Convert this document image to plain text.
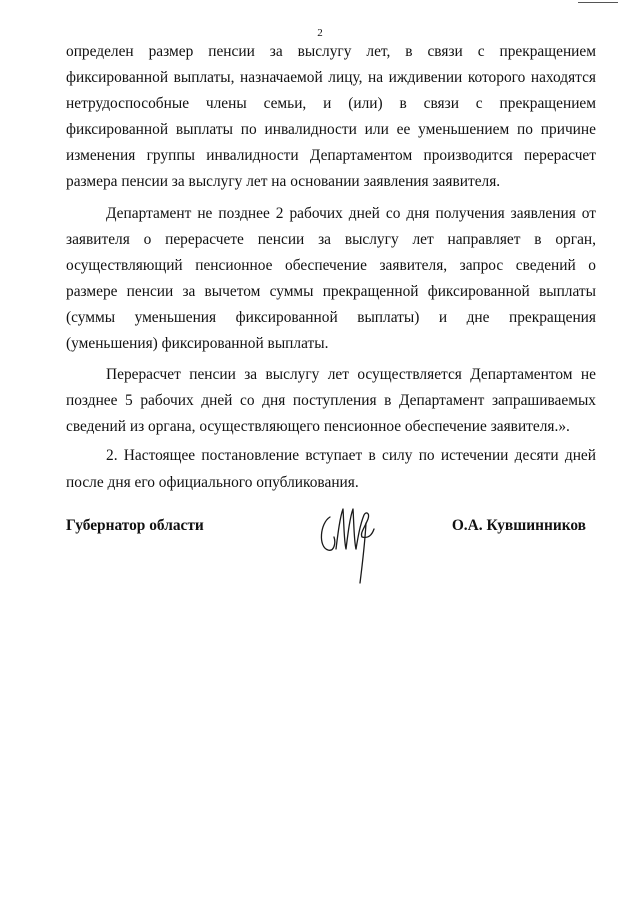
2

определен размер пенсии за выслугу лет, в связи с прекращением фиксированной выплаты, назначаемой лицу, на иждивении которого находятся нетрудоспособные члены семьи, и (или) в связи с прекращением фиксированной выплаты по инвалидности или ее уменьшением по причине изменения группы инвалидности Департаментом производится перерасчет размера пенсии за выслугу лет на основании заявления заявителя.

Департамент не позднее 2 рабочих дней со дня получения заявления от заявителя о перерасчете пенсии за выслугу лет направляет в орган, осуществляющий пенсионное обеспечение заявителя, запрос сведений о размере пенсии за вычетом суммы прекращенной фиксированной выплаты (суммы уменьшения фиксированной выплаты) и дне прекращения (уменьшения) фиксированной выплаты.

Перерасчет пенсии за выслугу лет осуществляется Департаментом не позднее 5 рабочих дней со дня поступления в Департамент запрашиваемых сведений из органа, осуществляющего пенсионное обеспечение заявителя.».

2. Настоящее постановление вступает в силу по истечении десяти дней после дня его официального опубликования.

Губернатор области	О.А. Кувшинников
